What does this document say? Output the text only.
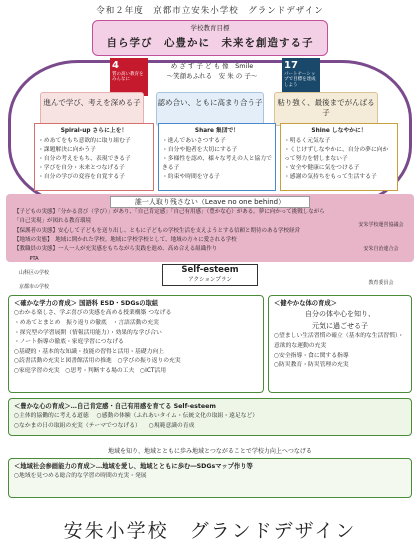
令和２年度　京都市立安朱小学校　グランドデザイン
学校教育目標
自ら学び　心豊かに　未来を創造する子
4
質の高い教育をみんなに
17
パートナーシップで目標を達成しよう
め ざ す 子 ど も 像　Smile
～笑顔あふれる　安 朱 の 子～
進んで学び、考えを深める子	認め合い、ともに高まり合う子	粘り強く、最後までがんばる子
Spiral-up さらに上を！
・めあてをもち意欲的に取り組む子
・課題解決に向かう子
・自分の考えをもち、表現できる子
・学びを自分・未来とつなげる子
・自分の学びの変容を自覚する子
Share 集団で！
・進んであいさつする子
・自分や他者を大切にする子
・多様性を認め、様々な考えの人と協力できる子
・約束や時間を守る子
Shine しなやかに！
・明るく元気な子
・くじけずしなやかに、自分の夢に向かって努力を惜しまない子
・安全や健康に気をつける子
・感謝の気持ちをもって生活する子
誰一人取り残さない（Leave no one behind）
【子どもの実態】「分かる喜び（学び）」があり、「自己肯定感」「自己有用感」（豊かな心）がある。夢に向かって挑戦しながら「自己実現」が図れる教育環境
【保護者の実態】安心して子どもを送り出し、ともに子どもの学校生活を支えようとする信頼と期待のある学校経営
【地域の実態】　地域に開かれた学校。地域に学校学校として、地域の方々に愛される学校
【教職員の実態】一人一人が充実感をもちながら実践を進め、高め合える組織作り
安朱学校運営協議会
山科区の学校
安朱自治連合会
京都市の学校
PTA
教育委員会
Self-esteem
アクションプラン
＜確かな学力の育成＞ 国語科 ESD・SDGsの取組
○わかる楽しさ、学ぶ喜びの実感を高める授業構築 つなげる
・めあてとまとめ　振り返りの徹底　・言語活動の充実
・探究型の学習展開（情報活用能力）・効果的な学び合い
・ノート指導の徹底・家庭学習につなげる
○基礎的・基本的な知識・技能の習得と活用・基礎力向上
○読書活動の充実と図書館活用の推進　○学びの振り返りの充実
○家庭学習の充実　○思考・判断する場の工夫　○ICT活用
＜健やかな体の育成＞
自分の体や心を知り、
元気に過ごせる子
○望ましい生活習慣の確立（基本的な生活習慣）・意欲的な運動の充実
○安全指導・食に関する指導
○防災教育・防災管理の充実
＜豊かな心の育成＞…自己肯定感・自己有用感を育てる Self-esteem
○主体的協働的に考える道徳 ○感動の体験（ふれあいタイム・伝統文化の取組・遠足など）
○なかまの日の取組の充実（テーマでつなげる） ○規範意識の育成
地域を知り、地域とともに歩み地域とつながることで学校力向上へつなげる
＜地域社会参画能力の育成＞…地域を愛し、地域とともに歩む―SDGsマップ作り等
○地域を見つめる総合的な学習の時間の充実・発展
安朱小学校　グランドデザイン
